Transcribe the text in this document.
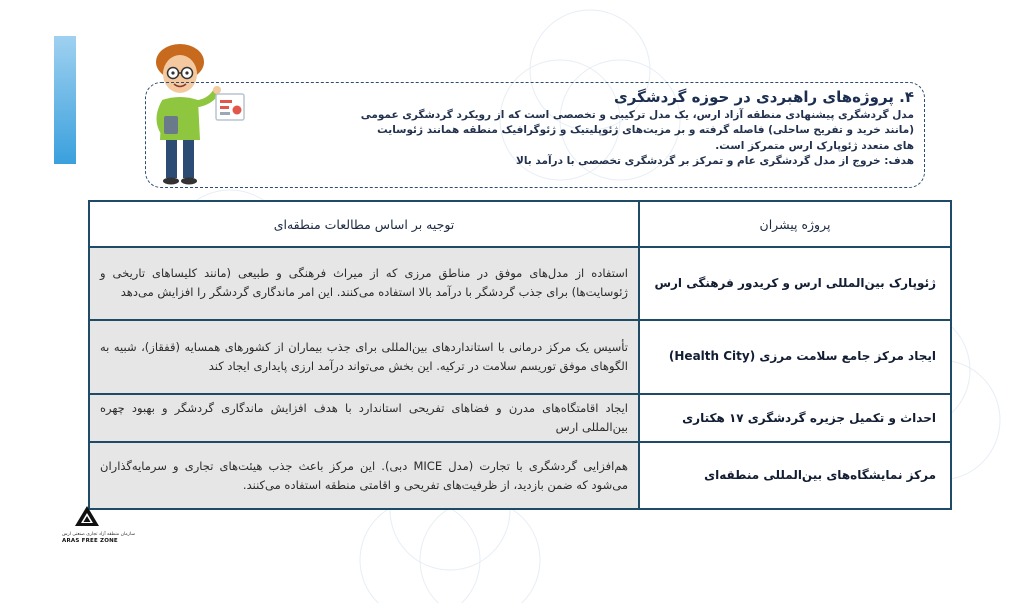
۴. پروژه‌های راهبردی در حوزه گردشگری
مدل گردشگری پیشنهادی منطقه آزاد ارس، یک مدل ترکیبی و تخصصی است که از رویکرد گردشگری عمومی (مانند خرید و تفریح ساحلی) فاصله گرفته و بر مزیت‌های ژئوپلیتیک و ژئوگرافیک منطقه همانند ژئوسایت های متعدد ژئوپارک ارس متمرکز است.
هدف: خروج از مدل گردشگری عام و تمرکز بر گردشگری تخصصی با درآمد بالا
پروژه پیشران	توجیه بر اساس مطالعات منطقه‌ای
ژئوپارک بین‌المللی ارس و کریدور فرهنگی ارس	استفاده از مدل‌های موفق در مناطق مرزی که از میراث فرهنگی و طبیعی (مانند کلیساهای تاریخی و ژئوسایت‌ها) برای جذب گردشگر با درآمد بالا استفاده می‌کنند. این امر ماندگاری گردشگر را افزایش می‌دهد
ایجاد مرکز جامع سلامت مرزی (Health City)	تأسیس یک مرکز درمانی با استانداردهای بین‌المللی برای جذب بیماران از کشورهای همسایه (قفقاز)، شبیه به الگوهای موفق توریسم سلامت در ترکیه. این بخش می‌تواند درآمد ارزی پایداری ایجاد کند
احداث و تکمیل جزیره گردشگری ۱۷ هکتاری	ایجاد اقامتگاه‌های مدرن و فضاهای تفریحی استاندارد با هدف افزایش ماندگاری گردشگر و بهبود چهره بین‌المللی ارس
مرکز نمایشگاه‌های بین‌المللی منطقه‌ای	هم‌افزایی گردشگری با تجارت (مدل MICE دبی). این مرکز باعث جذب هیئت‌های تجاری و سرمایه‌گذاران می‌شود که ضمن بازدید، از ظرفیت‌های تفریحی و اقامتی منطقه استفاده می‌کنند.
سازمان منطقه آزاد تجاری صنعتی ارس
ARAS FREE ZONE
